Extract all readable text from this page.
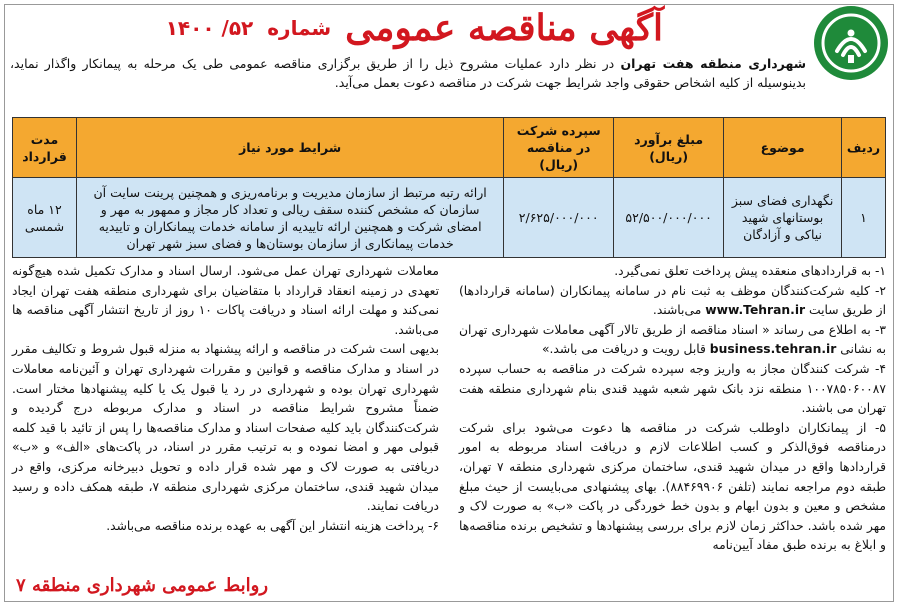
آگهی مناقصه عمومی
شماره
۵۲/ ۱۴۰۰
شهرداری منطقه هفت تهران در نظر دارد عملیات مشروح ذیل را از طریق برگزاری مناقصه عمومی طی یک مرحله به پیمانکار واگذار نماید، بدینوسیله از کلیه اشخاص حقوقی واجد شرایط جهت شرکت در مناقصه دعوت بعمل می‌آید.
ردیف	موضوع	مبلغ برآورد (ریال)	سپرده شرکت در مناقصه (ریال)	شرایط مورد نیاز	مدت قرارداد
۱	نگهداری فضای سبز بوستانهای شهید نیاکی و آزادگان	۵۲/۵۰۰/۰۰۰/۰۰۰	۲/۶۲۵/۰۰۰/۰۰۰	ارائه رتبه مرتبط از سازمان مدیریت و برنامه‌ریزی و همچنین پرینت سایت آن سازمان که مشخص کننده سقف ریالی و تعداد کار مجاز و ممهور به مهر و امضای شرکت و همچنین ارائه تاییدیه از سامانه خدمات پیمانکاران و تاییدیه خدمات پیمانکاری از سازمان بوستان‌ها و فضای سبز شهر تهران	۱۲ ماه شمسی

۱- به قراردادهای منعقده پیش پرداخت تعلق نمی‌گیرد.

۲- کلیه شرکت‌کنندگان موظف به ثبت نام در سامانه پیمانکاران (سامانه قراردادها) از طریق سایت www.Tehran.ir می‌باشند.

۳- به اطلاع می رساند « اسناد مناقصه از طریق تالار آگهی معاملات شهرداری تهران به نشانی business.tehran.ir قابل رویت و دریافت می باشد.»

۴- شرکت کنندگان مجاز به واریز وجه سپرده شرکت در مناقصه به حساب سپرده ۱۰۰۷۸۵۰۶۰۰۸۷ منطقه نزد بانک شهر شعبه شهید قندی بنام شهرداری منطقه هفت تهران می باشند.

۵- از پیمانکاران داوطلب شرکت در مناقصه ها دعوت می‌شود برای شرکت درمناقصه فوق‌الذکر و کسب اطلاعات لازم و دریافت اسناد مربوطه به امور قراردادها واقع در میدان شهید قندی، ساختمان مرکزی شهرداری منطقه ۷ تهران، طبقه دوم مراجعه نمایند (تلفن ۸۸۴۶۹۹۰۶). بهای پیشنهادی می‌بایست از حیث مبلغ مشخص و معین و بدون ابهام و بدون خط خوردگی در پاکت «ب» به صورت لاک و مهر شده باشد. حداکثر زمان لازم برای بررسی پیشنهادها و تشخیص برنده مناقصه‌ها و ابلاغ به برنده طبق مفاد آیین‌نامه

معاملات شهرداری تهران عمل می‌شود. ارسال اسناد و مدارک تکمیل شده هیچ‌گونه تعهدی در زمینه انعقاد قرارداد با متقاضیان برای شهرداری منطقه هفت تهران ایجاد نمی‌کند و مهلت ارائه اسناد و دریافت پاکات ۱۰ روز از تاریخ انتشار آگهی مناقصه ها می‌باشد.

بدیهی است شرکت در مناقصه و ارائه پیشنهاد به منزله قبول شروط و تکالیف مقرر در اسناد و مدارک مناقصه و قوانین و مقررات شهرداری تهران و آئین‌نامه معاملات شهرداری تهران بوده و شهرداری در رد یا قبول یک یا کلیه پیشنهادها مختار است. ضمناً مشروح شرایط مناقصه در اسناد و مدارک مربوطه درج گردیده و شرکت‌کنندگان باید کلیه صفحات اسناد و مدارک مناقصه‌ها را پس از تائید با قید کلمه قبولی مهر و امضا نموده و به ترتیب مقرر در اسناد، در پاکت‌های «الف» و «ب» دریافتی به صورت لاک و مهر شده قرار داده و تحویل دبیرخانه مرکزی، واقع در میدان شهید قندی، ساختمان مرکزی شهرداری منطقه ۷، طبقه همکف داده و رسید دریافت نمایند.

۶- پرداخت هزینه انتشار این آگهی به عهده برنده مناقصه می‌باشد.

روابط عمومی شهرداری منطقه ۷
